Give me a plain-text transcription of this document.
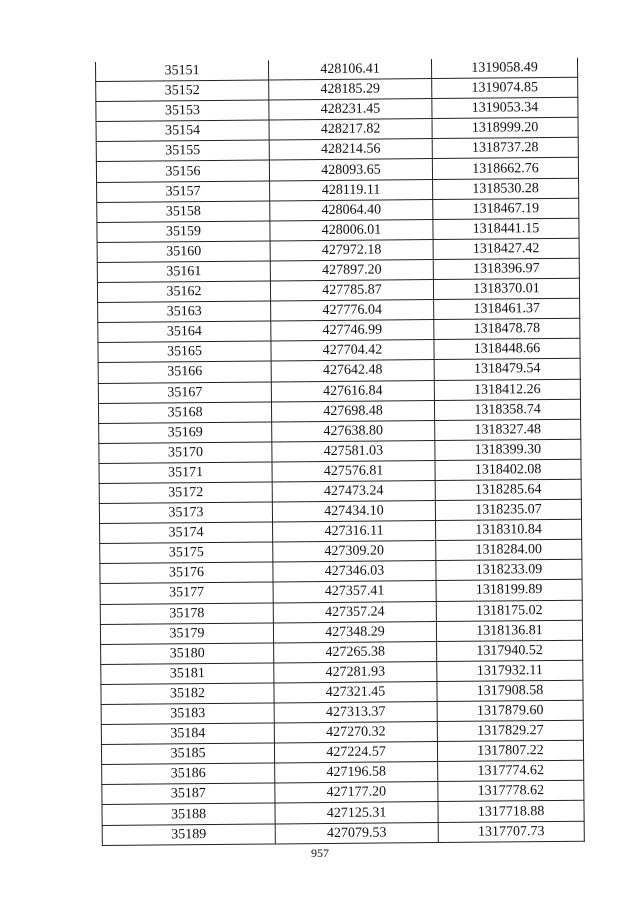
35151	428106.41	1319058.49
35152	428185.29	1319074.85
35153	428231.45	1319053.34
35154	428217.82	1318999.20
35155	428214.56	1318737.28
35156	428093.65	1318662.76
35157	428119.11	1318530.28
35158	428064.40	1318467.19
35159	428006.01	1318441.15
35160	427972.18	1318427.42
35161	427897.20	1318396.97
35162	427785.87	1318370.01
35163	427776.04	1318461.37
35164	427746.99	1318478.78
35165	427704.42	1318448.66
35166	427642.48	1318479.54
35167	427616.84	1318412.26
35168	427698.48	1318358.74
35169	427638.80	1318327.48
35170	427581.03	1318399.30
35171	427576.81	1318402.08
35172	427473.24	1318285.64
35173	427434.10	1318235.07
35174	427316.11	1318310.84
35175	427309.20	1318284.00
35176	427346.03	1318233.09
35177	427357.41	1318199.89
35178	427357.24	1318175.02
35179	427348.29	1318136.81
35180	427265.38	1317940.52
35181	427281.93	1317932.11
35182	427321.45	1317908.58
35183	427313.37	1317879.60
35184	427270.32	1317829.27
35185	427224.57	1317807.22
35186	427196.58	1317774.62
35187	427177.20	1317778.62
35188	427125.31	1317718.88
35189	427079.53	1317707.73
957
